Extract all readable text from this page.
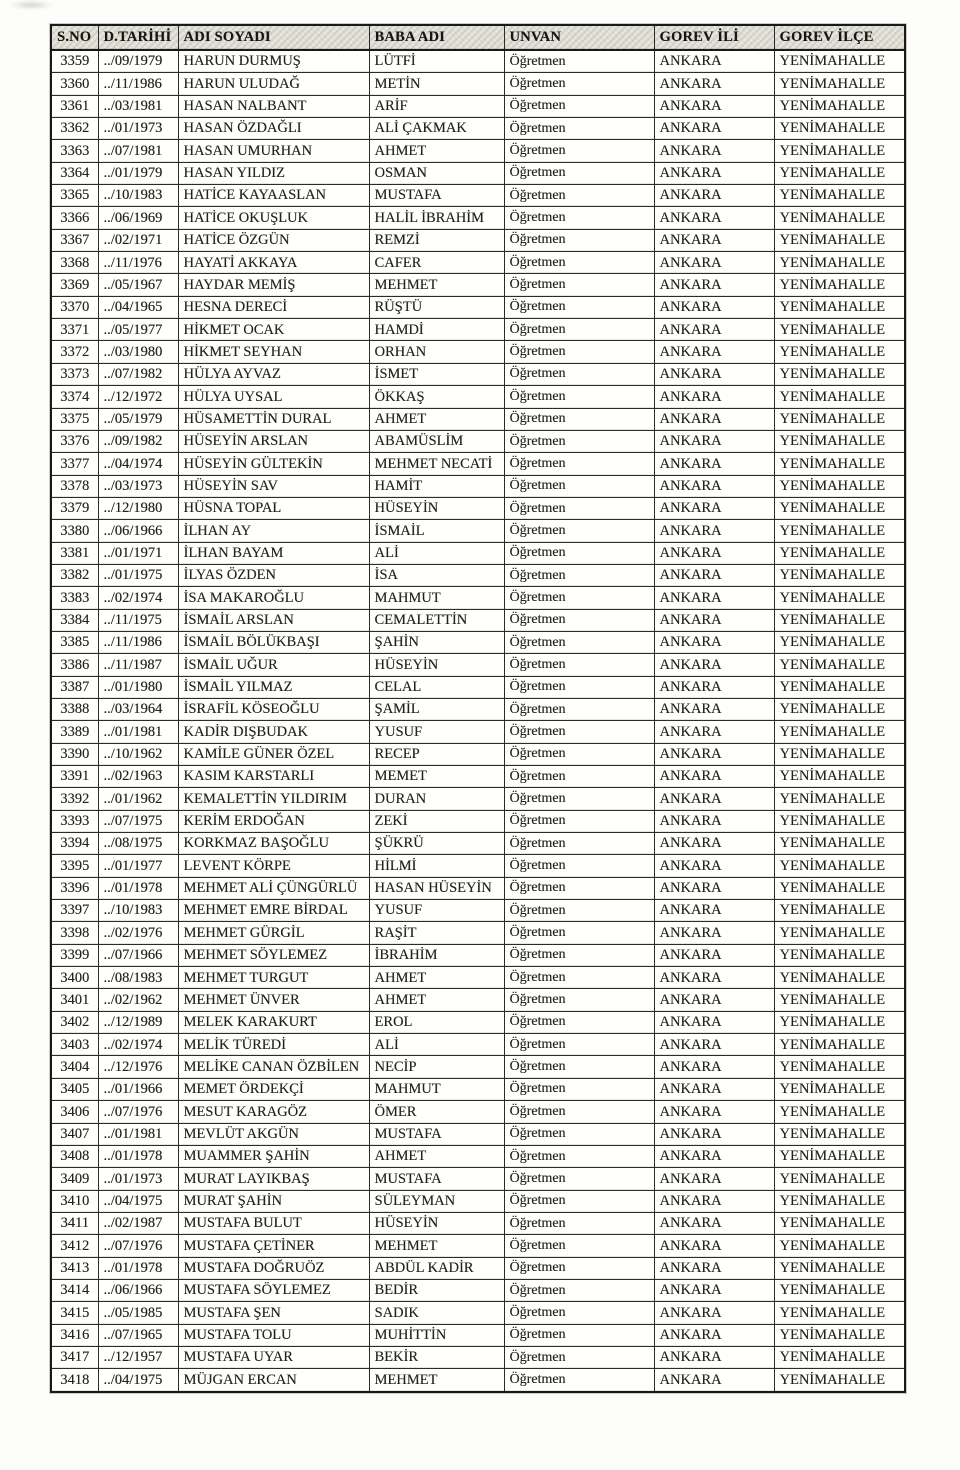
S.NO	D.TARİHİ	ADI SOYADI	BABA ADI	UNVAN	GOREV İLİ	GOREV İLÇE
3359	../09/1979	HARUN DURMUŞ	LÜTFİ	Öğretmen	ANKARA	YENİMAHALLE
3360	../11/1986	HARUN ULUDAĞ	METİN	Öğretmen	ANKARA	YENİMAHALLE
3361	../03/1981	HASAN NALBANT	ARİF	Öğretmen	ANKARA	YENİMAHALLE
3362	../01/1973	HASAN ÖZDAĞLI	ALİ ÇAKMAK	Öğretmen	ANKARA	YENİMAHALLE
3363	../07/1981	HASAN UMURHAN	AHMET	Öğretmen	ANKARA	YENİMAHALLE
3364	../01/1979	HASAN YILDIZ	OSMAN	Öğretmen	ANKARA	YENİMAHALLE
3365	../10/1983	HATİCE KAYAASLAN	MUSTAFA	Öğretmen	ANKARA	YENİMAHALLE
3366	../06/1969	HATİCE OKUŞLUK	HALİL İBRAHİM	Öğretmen	ANKARA	YENİMAHALLE
3367	../02/1971	HATİCE ÖZGÜN	REMZİ	Öğretmen	ANKARA	YENİMAHALLE
3368	../11/1976	HAYATİ AKKAYA	CAFER	Öğretmen	ANKARA	YENİMAHALLE
3369	../05/1967	HAYDAR MEMİŞ	MEHMET	Öğretmen	ANKARA	YENİMAHALLE
3370	../04/1965	HESNA DERECİ	RÜŞTÜ	Öğretmen	ANKARA	YENİMAHALLE
3371	../05/1977	HİKMET OCAK	HAMDİ	Öğretmen	ANKARA	YENİMAHALLE
3372	../03/1980	HİKMET SEYHAN	ORHAN	Öğretmen	ANKARA	YENİMAHALLE
3373	../07/1982	HÜLYA AYVAZ	İSMET	Öğretmen	ANKARA	YENİMAHALLE
3374	../12/1972	HÜLYA UYSAL	ÖKKAŞ	Öğretmen	ANKARA	YENİMAHALLE
3375	../05/1979	HÜSAMETTİN DURAL	AHMET	Öğretmen	ANKARA	YENİMAHALLE
3376	../09/1982	HÜSEYİN ARSLAN	ABAMÜSLİM	Öğretmen	ANKARA	YENİMAHALLE
3377	../04/1974	HÜSEYİN GÜLTEKİN	MEHMET NECATİ	Öğretmen	ANKARA	YENİMAHALLE
3378	../03/1973	HÜSEYİN SAV	HAMİT	Öğretmen	ANKARA	YENİMAHALLE
3379	../12/1980	HÜSNA TOPAL	HÜSEYİN	Öğretmen	ANKARA	YENİMAHALLE
3380	../06/1966	İLHAN AY	İSMAİL	Öğretmen	ANKARA	YENİMAHALLE
3381	../01/1971	İLHAN BAYAM	ALİ	Öğretmen	ANKARA	YENİMAHALLE
3382	../01/1975	İLYAS ÖZDEN	İSA	Öğretmen	ANKARA	YENİMAHALLE
3383	../02/1974	İSA MAKAROĞLU	MAHMUT	Öğretmen	ANKARA	YENİMAHALLE
3384	../11/1975	İSMAİL ARSLAN	CEMALETTİN	Öğretmen	ANKARA	YENİMAHALLE
3385	../11/1986	İSMAİL BÖLÜKBAŞI	ŞAHİN	Öğretmen	ANKARA	YENİMAHALLE
3386	../11/1987	İSMAİL UĞUR	HÜSEYİN	Öğretmen	ANKARA	YENİMAHALLE
3387	../01/1980	İSMAİL YILMAZ	CELAL	Öğretmen	ANKARA	YENİMAHALLE
3388	../03/1964	İSRAFİL KÖSEOĞLU	ŞAMİL	Öğretmen	ANKARA	YENİMAHALLE
3389	../01/1981	KADİR DIŞBUDAK	YUSUF	Öğretmen	ANKARA	YENİMAHALLE
3390	../10/1962	KAMİLE GÜNER ÖZEL	RECEP	Öğretmen	ANKARA	YENİMAHALLE
3391	../02/1963	KASIM KARSTARLI	MEMET	Öğretmen	ANKARA	YENİMAHALLE
3392	../01/1962	KEMALETTİN YILDIRIM	DURAN	Öğretmen	ANKARA	YENİMAHALLE
3393	../07/1975	KERİM ERDOĞAN	ZEKİ	Öğretmen	ANKARA	YENİMAHALLE
3394	../08/1975	KORKMAZ BAŞOĞLU	ŞÜKRÜ	Öğretmen	ANKARA	YENİMAHALLE
3395	../01/1977	LEVENT KÖRPE	HİLMİ	Öğretmen	ANKARA	YENİMAHALLE
3396	../01/1978	MEHMET ALİ ÇÜNGÜRLÜ	HASAN HÜSEYİN	Öğretmen	ANKARA	YENİMAHALLE
3397	../10/1983	MEHMET EMRE BİRDAL	YUSUF	Öğretmen	ANKARA	YENİMAHALLE
3398	../02/1976	MEHMET GÜRGİL	RAŞİT	Öğretmen	ANKARA	YENİMAHALLE
3399	../07/1966	MEHMET SÖYLEMEZ	İBRAHİM	Öğretmen	ANKARA	YENİMAHALLE
3400	../08/1983	MEHMET TURGUT	AHMET	Öğretmen	ANKARA	YENİMAHALLE
3401	../02/1962	MEHMET ÜNVER	AHMET	Öğretmen	ANKARA	YENİMAHALLE
3402	../12/1989	MELEK KARAKURT	EROL	Öğretmen	ANKARA	YENİMAHALLE
3403	../02/1974	MELİK TÜREDİ	ALİ	Öğretmen	ANKARA	YENİMAHALLE
3404	../12/1976	MELİKE CANAN ÖZBİLEN	NECİP	Öğretmen	ANKARA	YENİMAHALLE
3405	../01/1966	MEMET ÖRDEKÇİ	MAHMUT	Öğretmen	ANKARA	YENİMAHALLE
3406	../07/1976	MESUT KARAGÖZ	ÖMER	Öğretmen	ANKARA	YENİMAHALLE
3407	../01/1981	MEVLÜT AKGÜN	MUSTAFA	Öğretmen	ANKARA	YENİMAHALLE
3408	../01/1978	MUAMMER ŞAHİN	AHMET	Öğretmen	ANKARA	YENİMAHALLE
3409	../01/1973	MURAT LAYIKBAŞ	MUSTAFA	Öğretmen	ANKARA	YENİMAHALLE
3410	../04/1975	MURAT ŞAHİN	SÜLEYMAN	Öğretmen	ANKARA	YENİMAHALLE
3411	../02/1987	MUSTAFA BULUT	HÜSEYİN	Öğretmen	ANKARA	YENİMAHALLE
3412	../07/1976	MUSTAFA ÇETİNER	MEHMET	Öğretmen	ANKARA	YENİMAHALLE
3413	../01/1978	MUSTAFA DOĞRUÖZ	ABDÜL KADİR	Öğretmen	ANKARA	YENİMAHALLE
3414	../06/1966	MUSTAFA SÖYLEMEZ	BEDİR	Öğretmen	ANKARA	YENİMAHALLE
3415	../05/1985	MUSTAFA ŞEN	SADIK	Öğretmen	ANKARA	YENİMAHALLE
3416	../07/1965	MUSTAFA TOLU	MUHİTTİN	Öğretmen	ANKARA	YENİMAHALLE
3417	../12/1957	MUSTAFA UYAR	BEKİR	Öğretmen	ANKARA	YENİMAHALLE
3418	../04/1975	MÜJGAN ERCAN	MEHMET	Öğretmen	ANKARA	YENİMAHALLE
